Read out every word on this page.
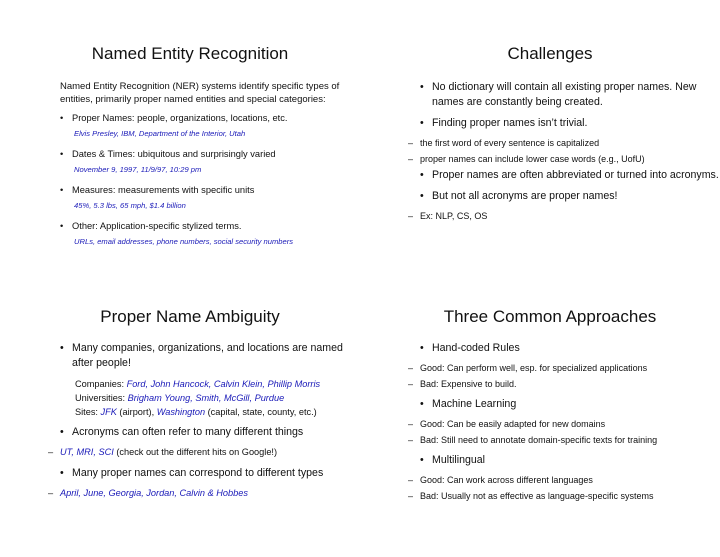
Named Entity Recognition

Named Entity Recognition (NER) systems identify specific types of entities, primarily proper named entities and special categories:

• Proper Names: people, organizations, locations, etc.
Elvis Presley, IBM, Department of the Interior, Utah
• Dates & Times: ubiquitous and surprisingly varied
November 9, 1997, 11/9/97, 10:29 pm
• Measures: measurements with specific units
45%, 5.3 lbs, 65 mph, $1.4 billion
• Other: Application-specific stylized terms.
URLs, email addresses, phone numbers, social security numbers
Challenges
• No dictionary will contain all existing proper names. New names are constantly being created.
• Finding proper names isn’t trivial.
– the first word of every sentence is capitalized
– proper names can include lower case words (e.g., UofU)
• Proper names are often abbreviated or turned into acronyms.
• But not all acronyms are proper names!
– Ex: NLP, CS, OS
Proper Name Ambiguity
• Many companies, organizations, and locations are named after people!
Companies: Ford, John Hancock, Calvin Klein, Phillip Morris
Universities: Brigham Young, Smith, McGill, Purdue
Sites: JFK (airport), Washington (capital, state, county, etc.)
• Acronyms can often refer to many different things
– UT, MRI, SCI (check out the different hits on Google!)
• Many proper names can correspond to different types
– April, June, Georgia, Jordan, Calvin & Hobbes
Three Common Approaches
• Hand-coded Rules
– Good: Can perform well, esp. for specialized applications
– Bad: Expensive to build.
• Machine Learning
– Good: Can be easily adapted for new domains
– Bad: Still need to annotate domain-specific texts for training
• Multilingual
– Good: Can work across different languages
– Bad: Usually not as effective as language-specific systems
